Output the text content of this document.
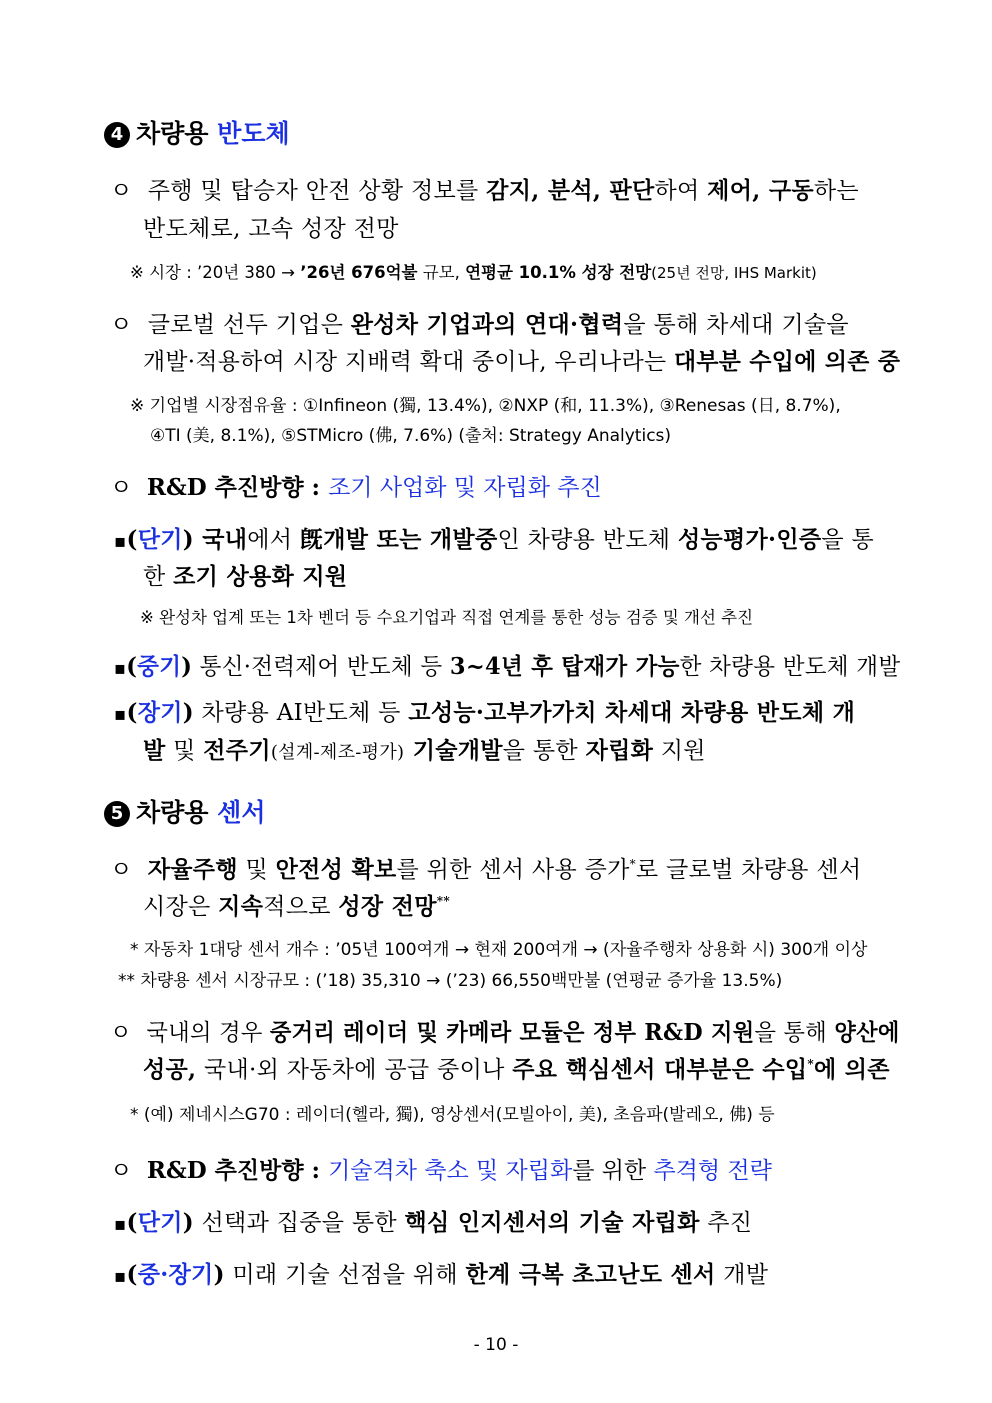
4 차량용 반도체
ㅇ 주행 및 탑승자 안전 상황 정보를 감지, 분석, 판단하여 제어, 구동하는
반도체로, 고속 성장 전망
※ 시장 : ’20년 380 → ’26년 676억불 규모, 연평균 10.1% 성장 전망(25년 전망, IHS Markit)
ㅇ 글로벌 선두 기업은 완성차 기업과의 연대·협력을 통해 차세대 기술을
개발·적용하여 시장 지배력 확대 중이나, 우리나라는 대부분 수입에 의존 중
※ 기업별 시장점유율 : ①Infineon (獨, 13.4%), ②NXP (和, 11.3%), ③Renesas (日, 8.7%),
④TI (美, 8.1%), ⑤STMicro (佛, 7.6%) (출처: Strategy Analytics)
ㅇ R&D 추진방향 : 조기 사업화 및 자립화 추진
▪(단기) 국내에서 旣개발 또는 개발중인 차량용 반도체 성능평가·인증을 통
한 조기 상용화 지원
※ 완성차 업계 또는 1차 벤더 등 수요기업과 직접 연계를 통한 성능 검증 및 개선 추진
▪(중기) 통신·전력제어 반도체 등 3~4년 후 탑재가 가능한 차량용 반도체 개발
▪(장기) 차량용 AI반도체 등 고성능·고부가가치 차세대 차량용 반도체 개
발 및 전주기(설계-제조-평가) 기술개발을 통한 자립화 지원
5 차량용 센서
ㅇ 자율주행 및 안전성 확보를 위한 센서 사용 증가*로 글로벌 차량용 센서
시장은 지속적으로 성장 전망**
* 자동차 1대당 센서 개수 : ’05년 100여개 → 현재 200여개 → (자율주행차 상용화 시) 300개 이상
** 차량용 센서 시장규모 : (’18) 35,310 → (’23) 66,550백만불 (연평균 증가율 13.5%)
ㅇ 국내의 경우 중거리 레이더 및 카메라 모듈은 정부 R&D 지원을 통해 양산에
성공, 국내·외 자동차에 공급 중이나 주요 핵심센서 대부분은 수입*에 의존
* (예) 제네시스G70 : 레이더(헬라, 獨), 영상센서(모빌아이, 美), 초음파(발레오, 佛) 등
ㅇ R&D 추진방향 : 기술격차 축소 및 자립화를 위한 추격형 전략
▪(단기) 선택과 집중을 통한 핵심 인지센서의 기술 자립화 추진
▪(중·장기) 미래 기술 선점을 위해 한계 극복 초고난도 센서 개발
- 10 -
